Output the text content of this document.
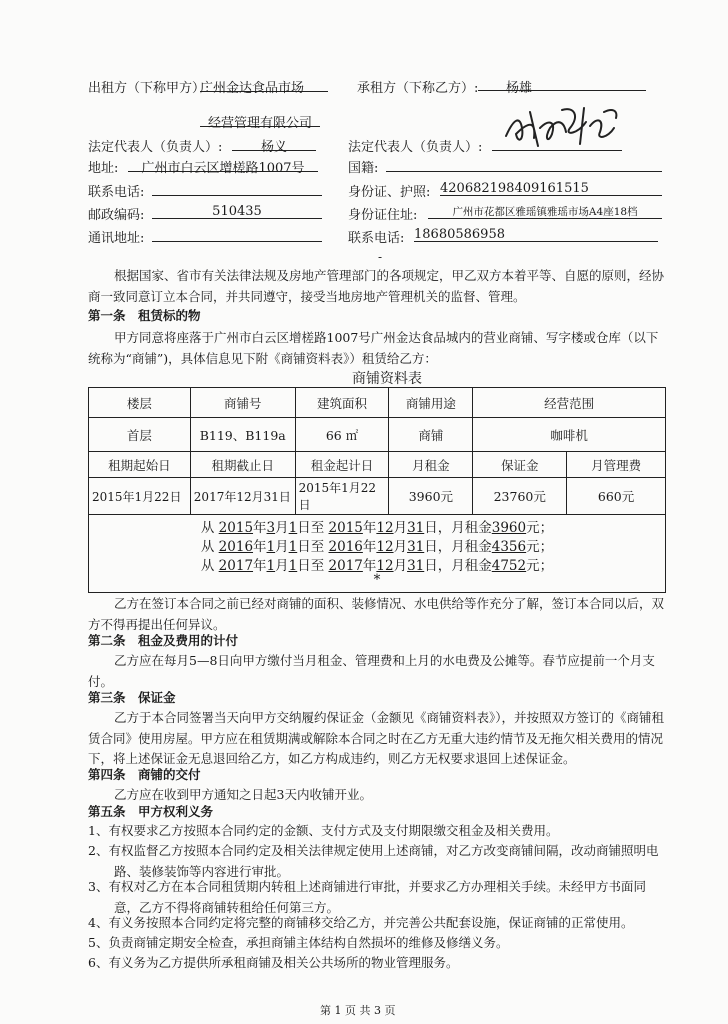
出租方（下称甲方）:
广州金达食品市场	承租方（下称乙方）:	杨雄
经营管理有限公司
法定代表人（负责人）:	杨义	法定代表人（负责人）:
地址:	广州市白云区增槎路1007号	国籍:
联系电话:	身份证、护照: 420682198409161515
邮政编码:	510435	身份证住址:	广州市花都区雅瑶镇雅瑶市场A4座18档
通讯地址:	联系电话: 18680586958
根据国家、省市有关法律法规及房地产管理部门的各项规定，甲乙双方本着平等、自愿的原则，经协商一致同意订立本合同，并共同遵守，接受当地房地产管理机关的监督、管理。
-
第一条　租赁标的物
甲方同意将座落于广州市白云区增槎路1007号广州金达食品城内的营业商铺、写字楼或仓库（以下统称为“商铺”)，具体信息见下附《商铺资料表》）租赁给乙方：
商铺资料表
楼层	商铺号	建筑面积	商铺用途	经营范围	
首层	B119、B119a	66 ㎡	商铺	咖啡机	
租期起始日	租期截止日	租金起计日	月租金	保证金	月管理费
2015年1月22日	2017年12月31日	2015年1月22日	3960元	23760元	660元
从 2015年3月1日至 2015年12月31日，月租金3960元；
从 2016年1月1日至 2016年12月31日，月租金4356元；
从 2017年1月1日至 2017年12月31日，月租金4752元；
*
乙方在签订本合同之前已经对商铺的面积、装修情况、水电供给等作充分了解，签订本合同以后，双方不得再提出任何异议。
第二条　租金及费用的计付
乙方应在每月5—8日向甲方缴付当月租金、管理费和上月的水电费及公摊等。春节应提前一个月支付。
第三条　保证金
乙方于本合同签署当天向甲方交纳履约保证金（金额见《商铺资料表》），并按照双方签订的《商铺租赁合同》使用房屋。甲方应在租赁期满或解除本合同之时在乙方无重大违约情节及无拖欠相关费用的情况下，将上述保证金无息退回给乙方，如乙方构成违约，则乙方无权要求退回上述保证金。
第四条　商铺的交付
乙方应在收到甲方通知之日起3天内收铺开业。
第五条　甲方权利义务
1、有权要求乙方按照本合同约定的金额、支付方式及支付期限缴交租金及相关费用。
2、有权监督乙方按照本合同约定及相关法律规定使用上述商铺，对乙方改变商铺间隔，改动商铺照明电路、装修装饰等内容进行审批。
3、有权对乙方在本合同租赁期内转租上述商铺进行审批，并要求乙方办理相关手续。未经甲方书面同意，乙方不得将商铺转租给任何第三方。
4、有义务按照本合同约定将完整的商铺移交给乙方，并完善公共配套设施，保证商铺的正常使用。
5、负责商铺定期安全检查，承担商铺主体结构自然损坏的维修及修缮义务。
6、有义务为乙方提供所承租商铺及相关公共场所的物业管理服务。
第 1 页 共 3 页
